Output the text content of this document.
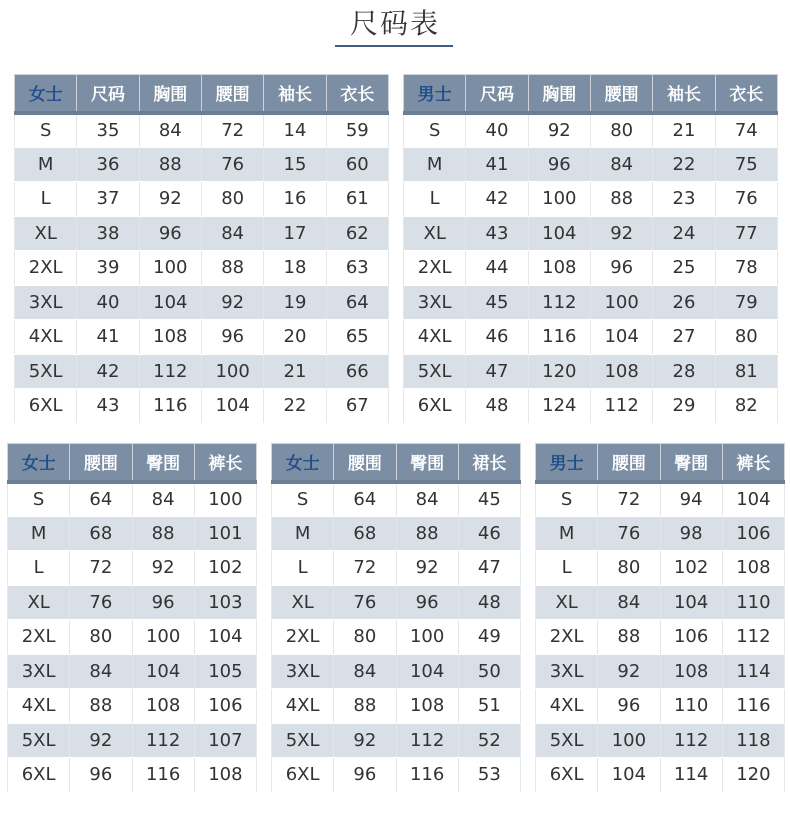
尺码表
女士	尺码	胸围	腰围	袖长	衣长
S	35	84	72	14	59
M	36	88	76	15	60
L	37	92	80	16	61
XL	38	96	84	17	62
2XL	39	100	88	18	63
3XL	40	104	92	19	64
4XL	41	108	96	20	65
5XL	42	112	100	21	66
6XL	43	116	104	22	67
男士	尺码	胸围	腰围	袖长	衣长
S	40	92	80	21	74
M	41	96	84	22	75
L	42	100	88	23	76
XL	43	104	92	24	77
2XL	44	108	96	25	78
3XL	45	112	100	26	79
4XL	46	116	104	27	80
5XL	47	120	108	28	81
6XL	48	124	112	29	82
女士	腰围	臀围	裤长
S	64	84	100
M	68	88	101
L	72	92	102
XL	76	96	103
2XL	80	100	104
3XL	84	104	105
4XL	88	108	106
5XL	92	112	107
6XL	96	116	108
女士	腰围	臀围	裙长
S	64	84	45
M	68	88	46
L	72	92	47
XL	76	96	48
2XL	80	100	49
3XL	84	104	50
4XL	88	108	51
5XL	92	112	52
6XL	96	116	53
男士	腰围	臀围	裤长
S	72	94	104
M	76	98	106
L	80	102	108
XL	84	104	110
2XL	88	106	112
3XL	92	108	114
4XL	96	110	116
5XL	100	112	118
6XL	104	114	120
